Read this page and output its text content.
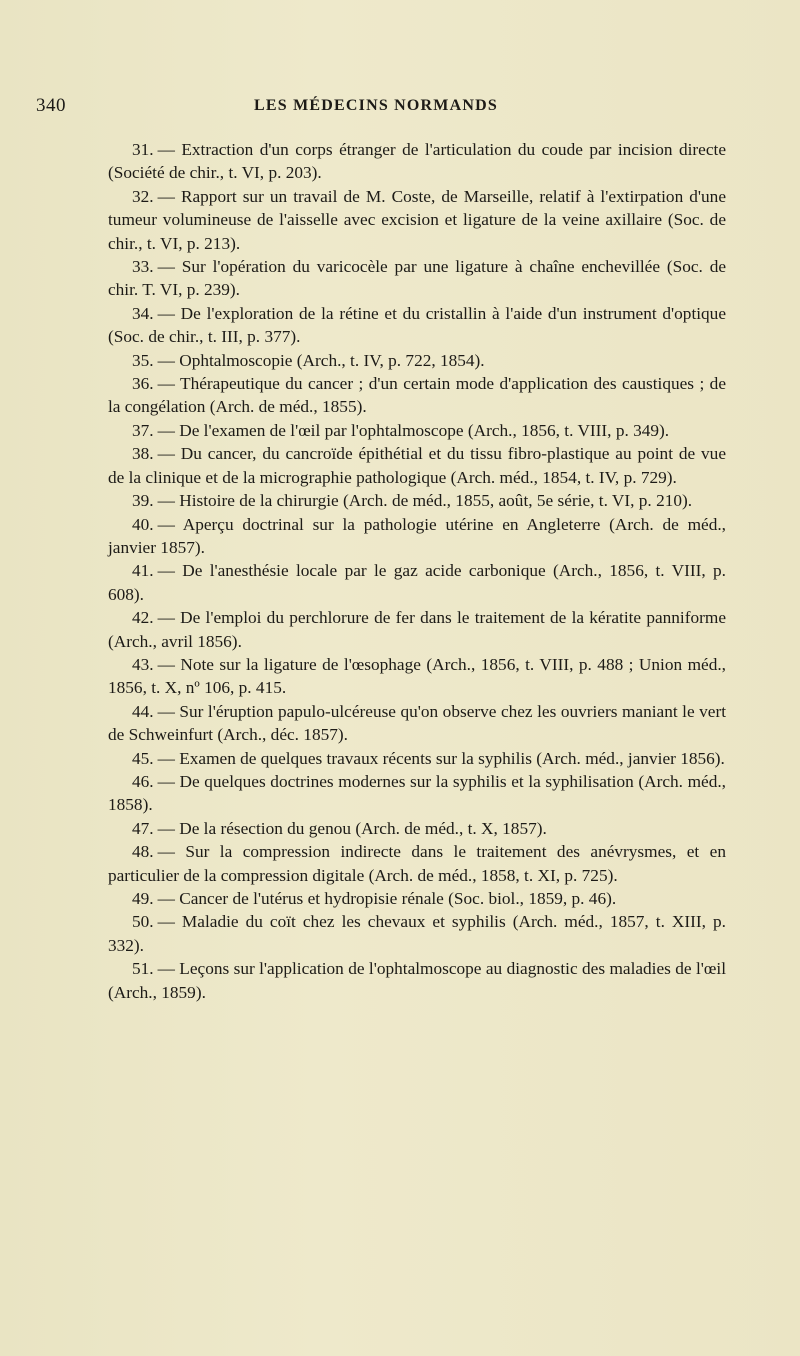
340	LES MÉDECINS NORMANDS
31. — Extraction d'un corps étranger de l'articulation du coude par incision directe (Société de chir., t. VI, p. 203).
32. — Rapport sur un travail de M. Coste, de Marseille, relatif à l'extirpation d'une tumeur volumineuse de l'aisselle avec excision et ligature de la veine axillaire (Soc. de chir., t. VI, p. 213).
33. — Sur l'opération du varicocèle par une ligature à chaîne enchevillée (Soc. de chir. T. VI, p. 239).
34. — De l'exploration de la rétine et du cristallin à l'aide d'un instrument d'optique (Soc. de chir., t. III, p. 377).
35. — Ophtalmoscopie (Arch., t. IV, p. 722, 1854).
36. — Thérapeutique du cancer ; d'un certain mode d'application des caustiques ; de la congélation (Arch. de méd., 1855).
37. — De l'examen de l'œil par l'ophtalmoscope (Arch., 1856, t. VIII, p. 349).
38. — Du cancer, du cancroïde épithétial et du tissu fibro-plastique au point de vue de la clinique et de la micrographie pathologique (Arch. méd., 1854, t. IV, p. 729).
39. — Histoire de la chirurgie (Arch. de méd., 1855, août, 5e série, t. VI, p. 210).
40. — Aperçu doctrinal sur la pathologie utérine en Angleterre (Arch. de méd., janvier 1857).
41. — De l'anesthésie locale par le gaz acide carbonique (Arch., 1856, t. VIII, p. 608).
42. — De l'emploi du perchlorure de fer dans le traitement de la kératite panniforme (Arch., avril 1856).
43. — Note sur la ligature de l'œsophage (Arch., 1856, t. VIII, p. 488 ; Union méd., 1856, t. X, nº 106, p. 415.
44. — Sur l'éruption papulo-ulcéreuse qu'on observe chez les ouvriers maniant le vert de Schweinfurt (Arch., déc. 1857).
45. — Examen de quelques travaux récents sur la syphilis (Arch. méd., janvier 1856).
46. — De quelques doctrines modernes sur la syphilis et la syphilisation (Arch. méd., 1858).
47. — De la résection du genou (Arch. de méd., t. X, 1857).
48. — Sur la compression indirecte dans le traitement des anévrysmes, et en particulier de la compression digitale (Arch. de méd., 1858, t. XI, p. 725).
49. — Cancer de l'utérus et hydropisie rénale (Soc. biol., 1859, p. 46).
50. — Maladie du coït chez les chevaux et syphilis (Arch. méd., 1857, t. XIII, p. 332).
51. — Leçons sur l'application de l'ophtalmoscope au diagnostic des maladies de l'œil (Arch., 1859).
